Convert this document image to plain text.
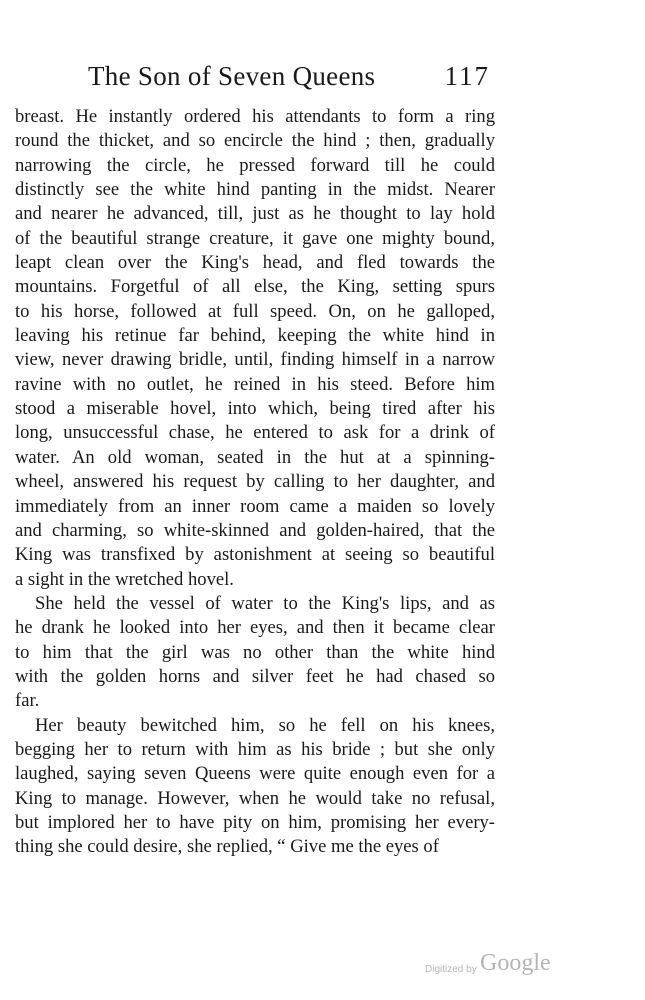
The Son of Seven Queens	117
breast. He instantly ordered his attendants to form a ring
round the thicket, and so encircle the hind ; then, gradually
narrowing the circle, he pressed forward till he could
distinctly see the white hind panting in the midst. Nearer
and nearer he advanced, till, just as he thought to lay hold
of the beautiful strange creature, it gave one mighty bound,
leapt clean over the King's head, and fled towards the
mountains. Forgetful of all else, the King, setting spurs
to his horse, followed at full speed. On, on he galloped,
leaving his retinue far behind, keeping the white hind in
view, never drawing bridle, until, finding himself in a narrow
ravine with no outlet, he reined in his steed. Before him
stood a miserable hovel, into which, being tired after his
long, unsuccessful chase, he entered to ask for a drink of
water. An old woman, seated in the hut at a spinning-
wheel, answered his request by calling to her daughter, and
immediately from an inner room came a maiden so lovely
and charming, so white-skinned and golden-haired, that the
King was transfixed by astonishment at seeing so beautiful
a sight in the wretched hovel.
She held the vessel of water to the King's lips, and as
he drank he looked into her eyes, and then it became clear
to him that the girl was no other than the white hind
with the golden horns and silver feet he had chased so
far.
Her beauty bewitched him, so he fell on his knees,
begging her to return with him as his bride ; but she only
laughed, saying seven Queens were quite enough even for a
King to manage. However, when he would take no refusal,
but implored her to have pity on him, promising her every-
thing she could desire, she replied, “ Give me the eyes of
Digitized by Google
